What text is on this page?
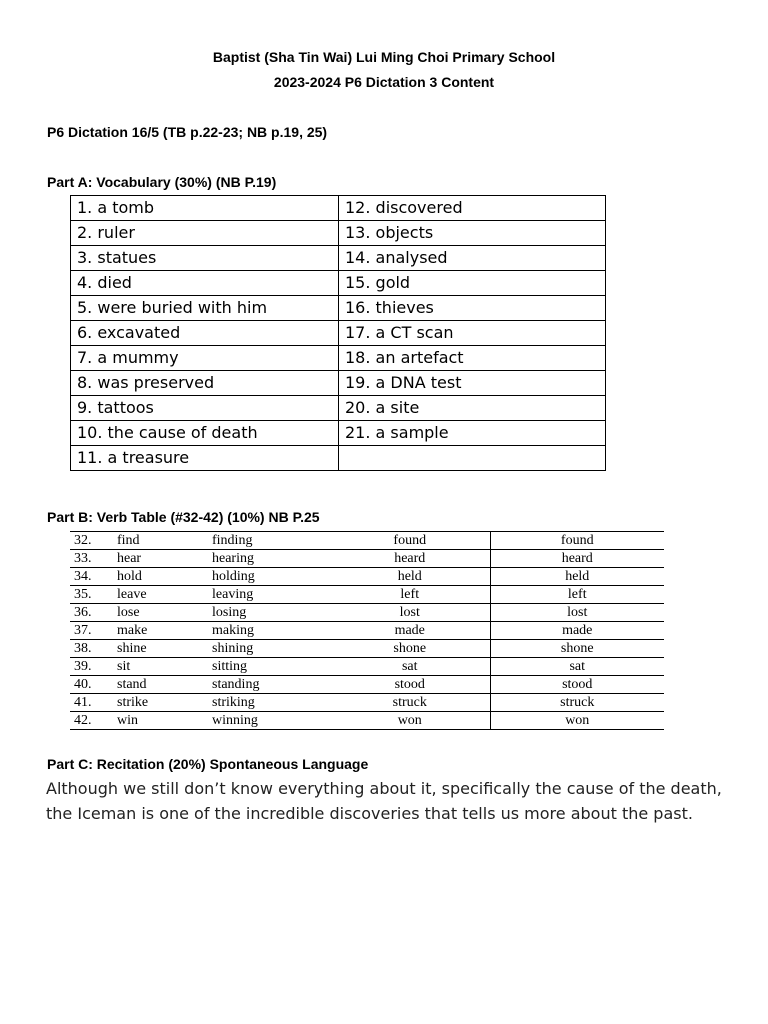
Baptist (Sha Tin Wai) Lui Ming Choi Primary School
2023-2024 P6 Dictation 3 Content
P6 Dictation 16/5 (TB p.22-23; NB p.19, 25)
Part A: Vocabulary (30%) (NB P.19)
1. a tomb	12. discovered
2. ruler	13. objects
3. statues	14. analysed
4. died	15. gold
5. were buried with him	16. thieves
6. excavated	17. a CT scan
7. a mummy	18. an artefact
8. was preserved	19. a DNA test
9. tattoos	20. a site
10. the cause of death	21. a sample
11. a treasure	
Part B: Verb Table (#32-42) (10%) NB P.25
32.	find	finding	found	found
33.	hear	hearing	heard	heard
34.	hold	holding	held	held
35.	leave	leaving	left	left
36.	lose	losing	lost	lost
37.	make	making	made	made
38.	shine	shining	shone	shone
39.	sit	sitting	sat	sat
40.	stand	standing	stood	stood
41.	strike	striking	struck	struck
42.	win	winning	won	won
Part C: Recitation (20%) Spontaneous Language
Although we still don’t know everything about it, specifically the cause of the death, the Iceman is one of the incredible discoveries that tells us more about the past.
